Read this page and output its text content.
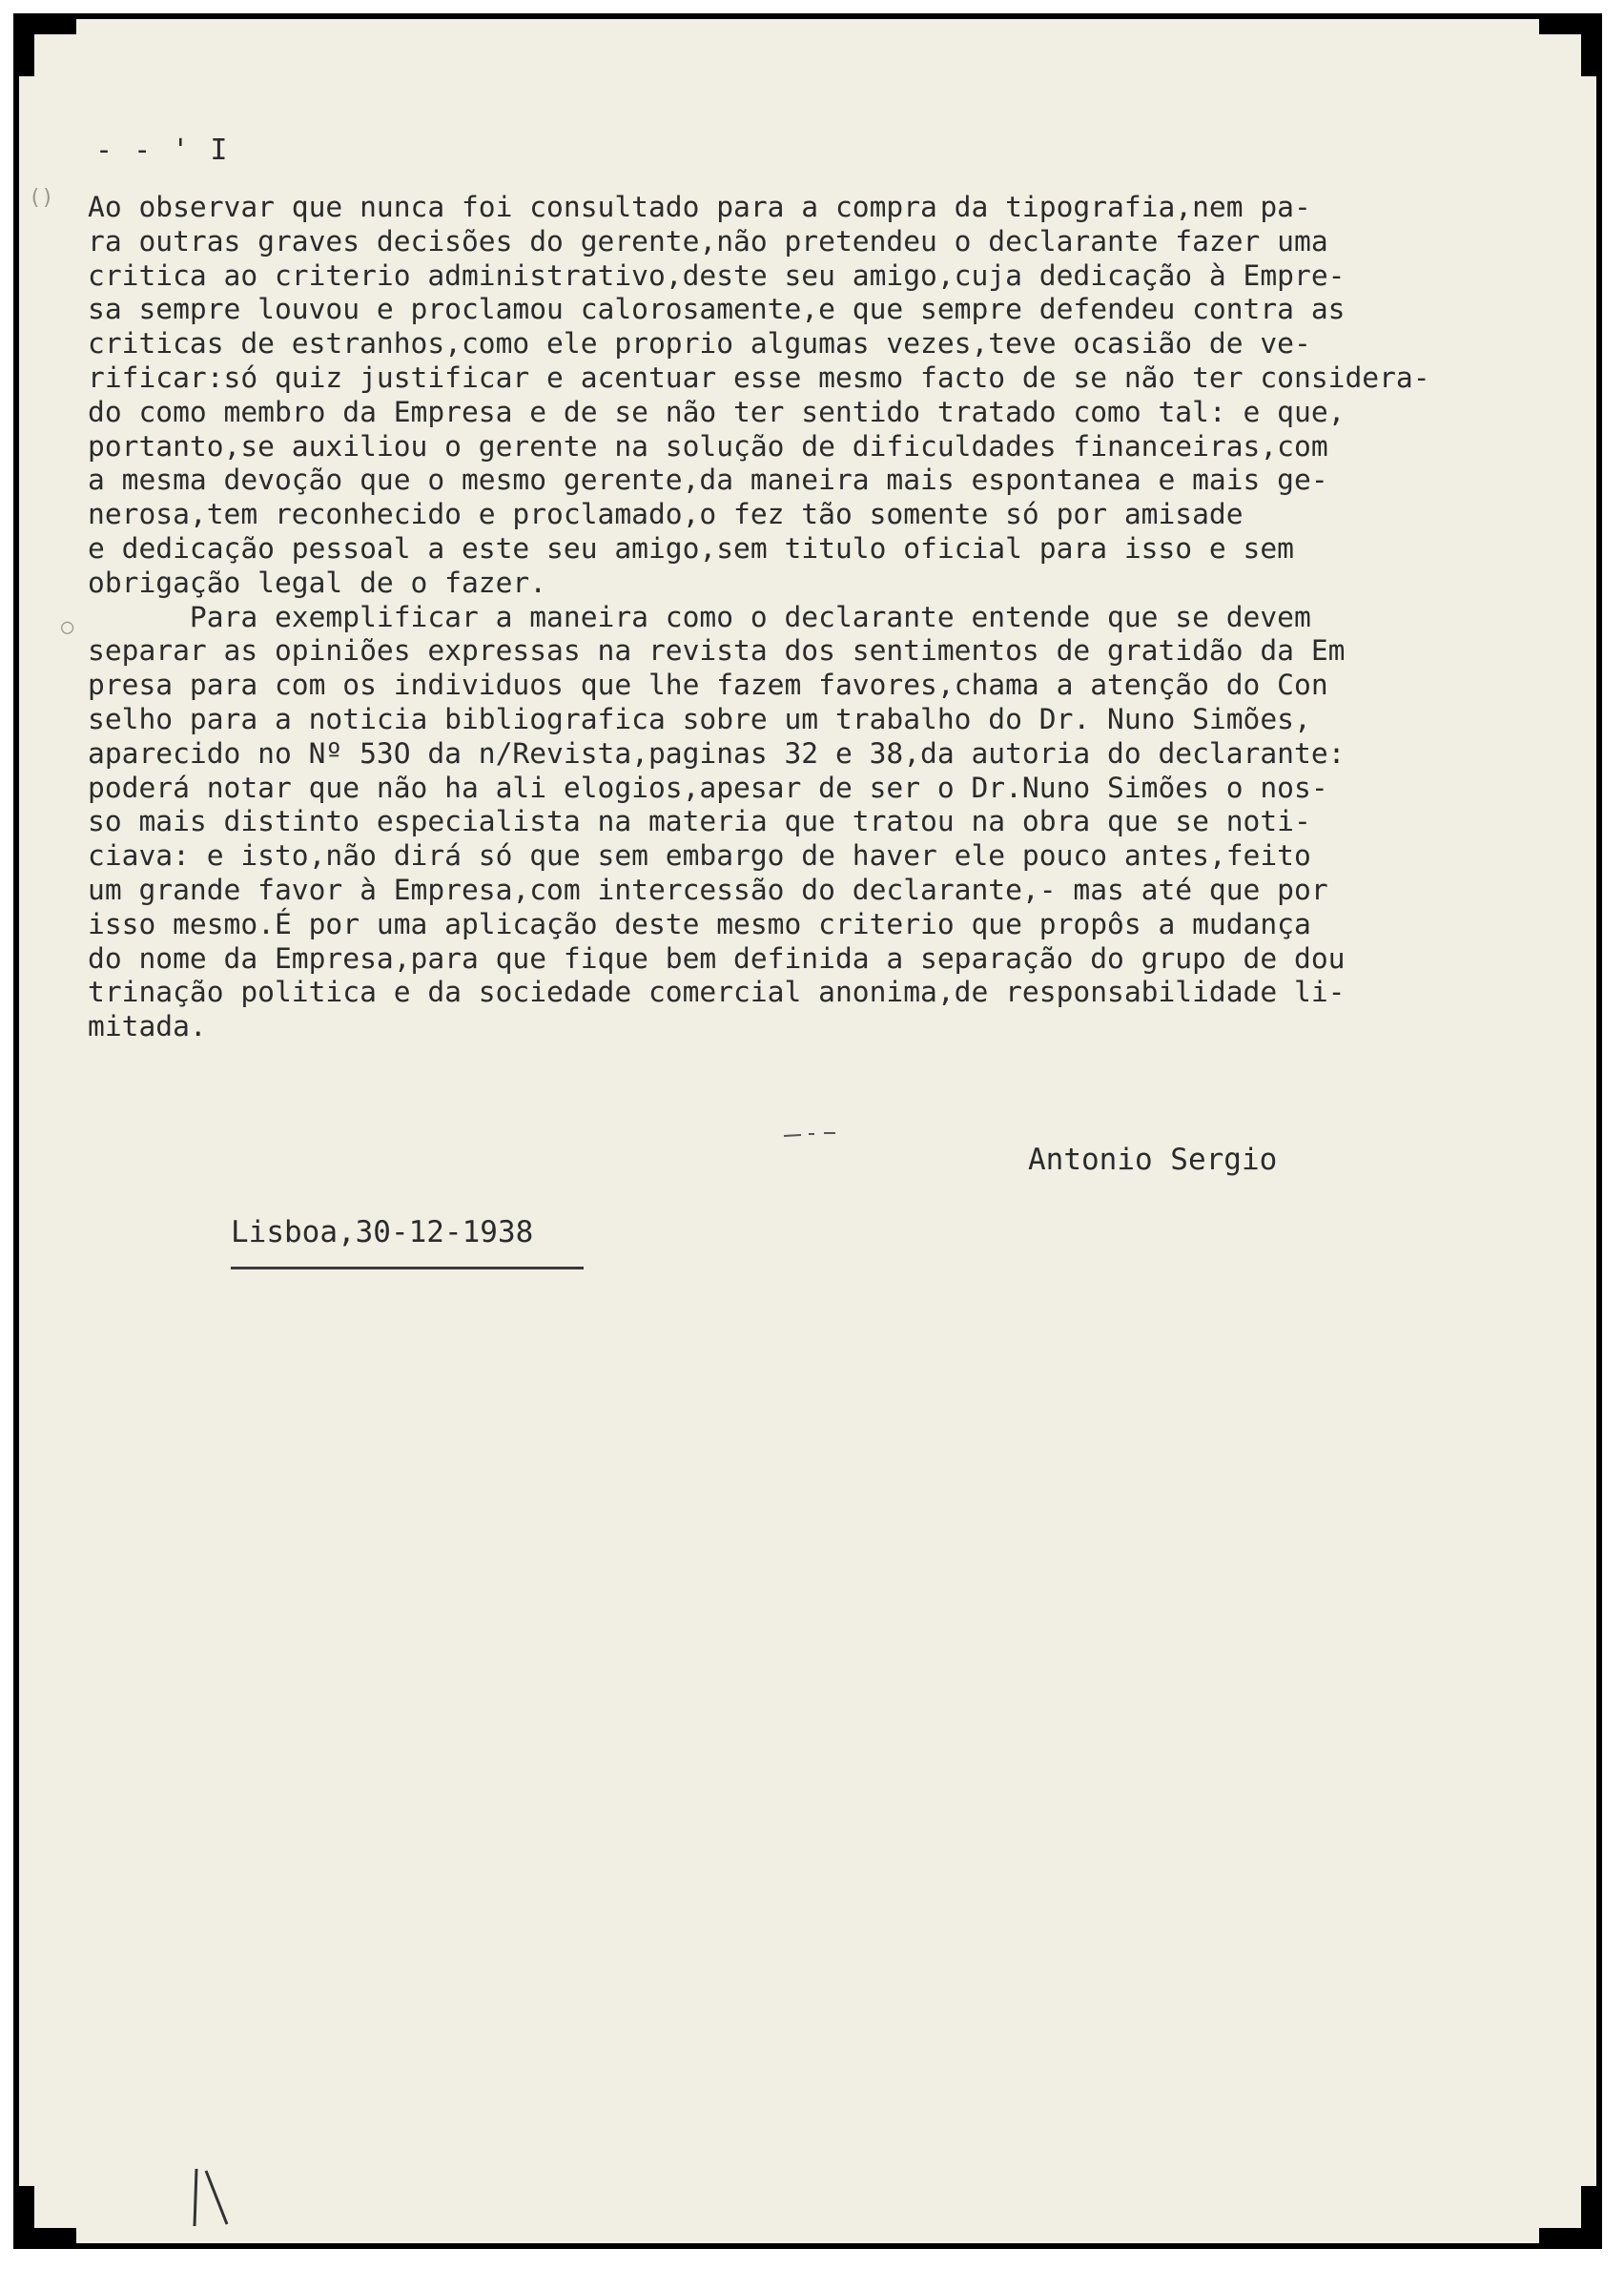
- - ' I
()
○
Ao observar que nunca foi consultado para a compra da tipografia,nem pa-
ra outras graves decisões do gerente,não pretendeu o declarante fazer uma
critica ao criterio administrativo,deste seu amigo,cuja dedicação à Empre-
sa sempre louvou e proclamou calorosamente,e que sempre defendeu contra as
criticas de estranhos,como ele proprio algumas vezes,teve ocasião de ve-
rificar:só quiz justificar e acentuar esse mesmo facto de se não ter considera-
do como membro da Empresa e de se não ter sentido tratado como tal: e que,
portanto,se auxiliou o gerente na solução de dificuldades financeiras,com
a mesma devoção que o mesmo gerente,da maneira mais espontanea e mais ge-
nerosa,tem reconhecido e proclamado,o fez tão somente só por amisade
e dedicação pessoal a este seu amigo,sem titulo oficial para isso e sem
obrigação legal de o fazer.
Para exemplificar a maneira como o declarante entende que se devem
separar as opiniões expressas na revista dos sentimentos de gratidão da Em
presa para com os individuos que lhe fazem favores,chama a atenção do Con
selho para a noticia bibliografica sobre um trabalho do Dr. Nuno Simões,
aparecido no Nº 53O da n/Revista,paginas 32 e 38,da autoria do declarante:
poderá notar que não ha ali elogios,apesar de ser o Dr.Nuno Simões o nos-
so mais distinto especialista na materia que tratou na obra que se noti-
ciava: e isto,não dirá só que sem embargo de haver ele pouco antes,feito
um grande favor à Empresa,com intercessão do declarante,- mas até que por
isso mesmo.É por uma aplicação deste mesmo criterio que propôs a mudança
do nome da Empresa,para que fique bem definida a separação do grupo de dou
trinação politica e da sociedade comercial anonima,de responsabilidade li-
mitada.
Antonio Sergio
Lisboa,30-12-1938
